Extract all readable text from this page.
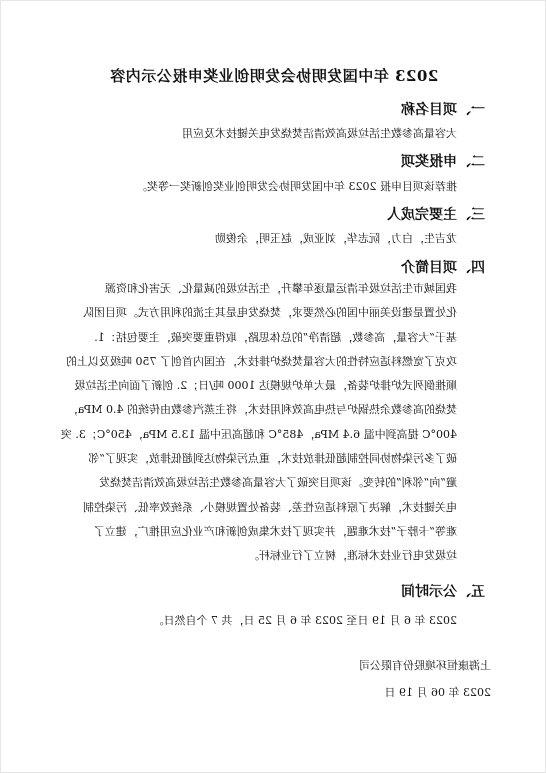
2023 年中国发明协会发明创业奖申报公示内容
一、项目名称
大容量高参数生活垃圾高效清洁焚烧发电关键技术及应用
二、申报奖项
推荐该项目申报 2023 年中国发明协会发明创业奖创新奖一等奖。
三、主要完成人
龙吉生，白力，阮志华，刘亚成，赵玉明，余俊勋
四、项目简介
我国城市生活垃圾年清运量逐年攀升，生活垃圾的减量化、无害化和资源
化处置是建设美丽中国的必然要求，焚烧发电是其主流的利用方式。项目团队
基于“大容量，高参数，超清净”的总体思路，取得重要突破，主要包括：1.
攻克了宽燃料适应特性的大容量焚烧炉排技术，在国内首创了 750 吨级及以上的
顺推倒列式炉排炉装备，最大单炉规模达 1000 吨/日；2. 创新了面向生活垃圾
焚烧的高参数余热锅炉与热电高效利用技术，将主蒸汽参数由传统的 4.0 MPa，
400°C 提高到中温 6.4 MPa，485°C 和超高压中温 13.5 MPa，450°C；3. 突
破了多污染物协同控制超低排放技术，重点污染物达到超低排放，实现了“邻
避”向“邻利”的转变。该项目突破了大容量高参数生活垃圾高效清洁焚烧发
电关键技术，解决了原料适应性差、装备处置规模小、系统效率低、污染控制
难等“卡脖子”技术难题，并实现了技术集成创新和产业化应用推广，建立了
垃圾发电行业技术标准，树立了行业标杆。
五、公示时间
2023 年 6 月 19 日至 2023 年 6 月 25 日，共 7 个自然日。
上海康恒环境股份有限公司
2023 年 06 月 19 日
